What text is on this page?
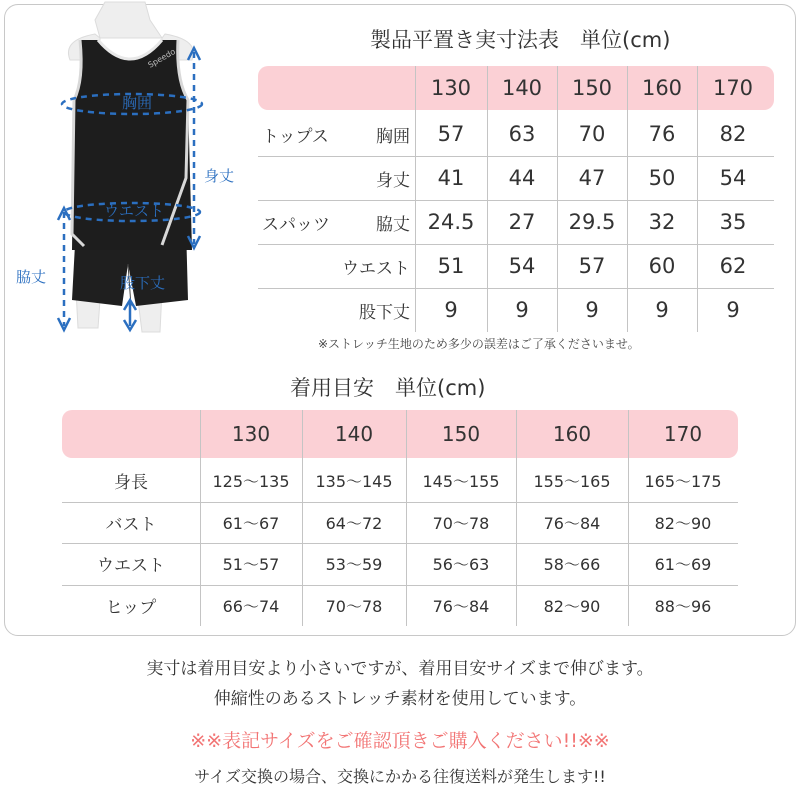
Speedo
胸囲
身丈
ウエスト
脇丈	股下丈
製品平置き実寸法表　単位(cm)
※ストレッチ生地のため多少の誤差はご了承くださいませ。
着用目安　単位(cm)
実寸は着用目安より小さいですが、着用目安サイズまで伸びます。
伸縮性のあるストレッチ素材を使用しています。
※※表記サイズをご確認頂きご購入ください!!※※
サイズ交換の場合、交換にかかる往復送料が発生します!!
130	140	150	160	170
トップス	胸囲	57	63	70	76	82
身丈	41	44	47	50	54
スパッツ	脇丈 24.5	27	29.5	32	35
ウエスト	51	54	57	60	62
股下丈	9	9	9	9	9
130	140	150	160	170
身長	125〜135	135〜145	145〜155	155〜165	165〜175
バスト	61〜67	64〜72	70〜78	76〜84	82〜90
ウエスト	51〜57	53〜59	56〜63	58〜66	61〜69
ヒップ	66〜74	70〜78	76〜84	82〜90	88〜96
